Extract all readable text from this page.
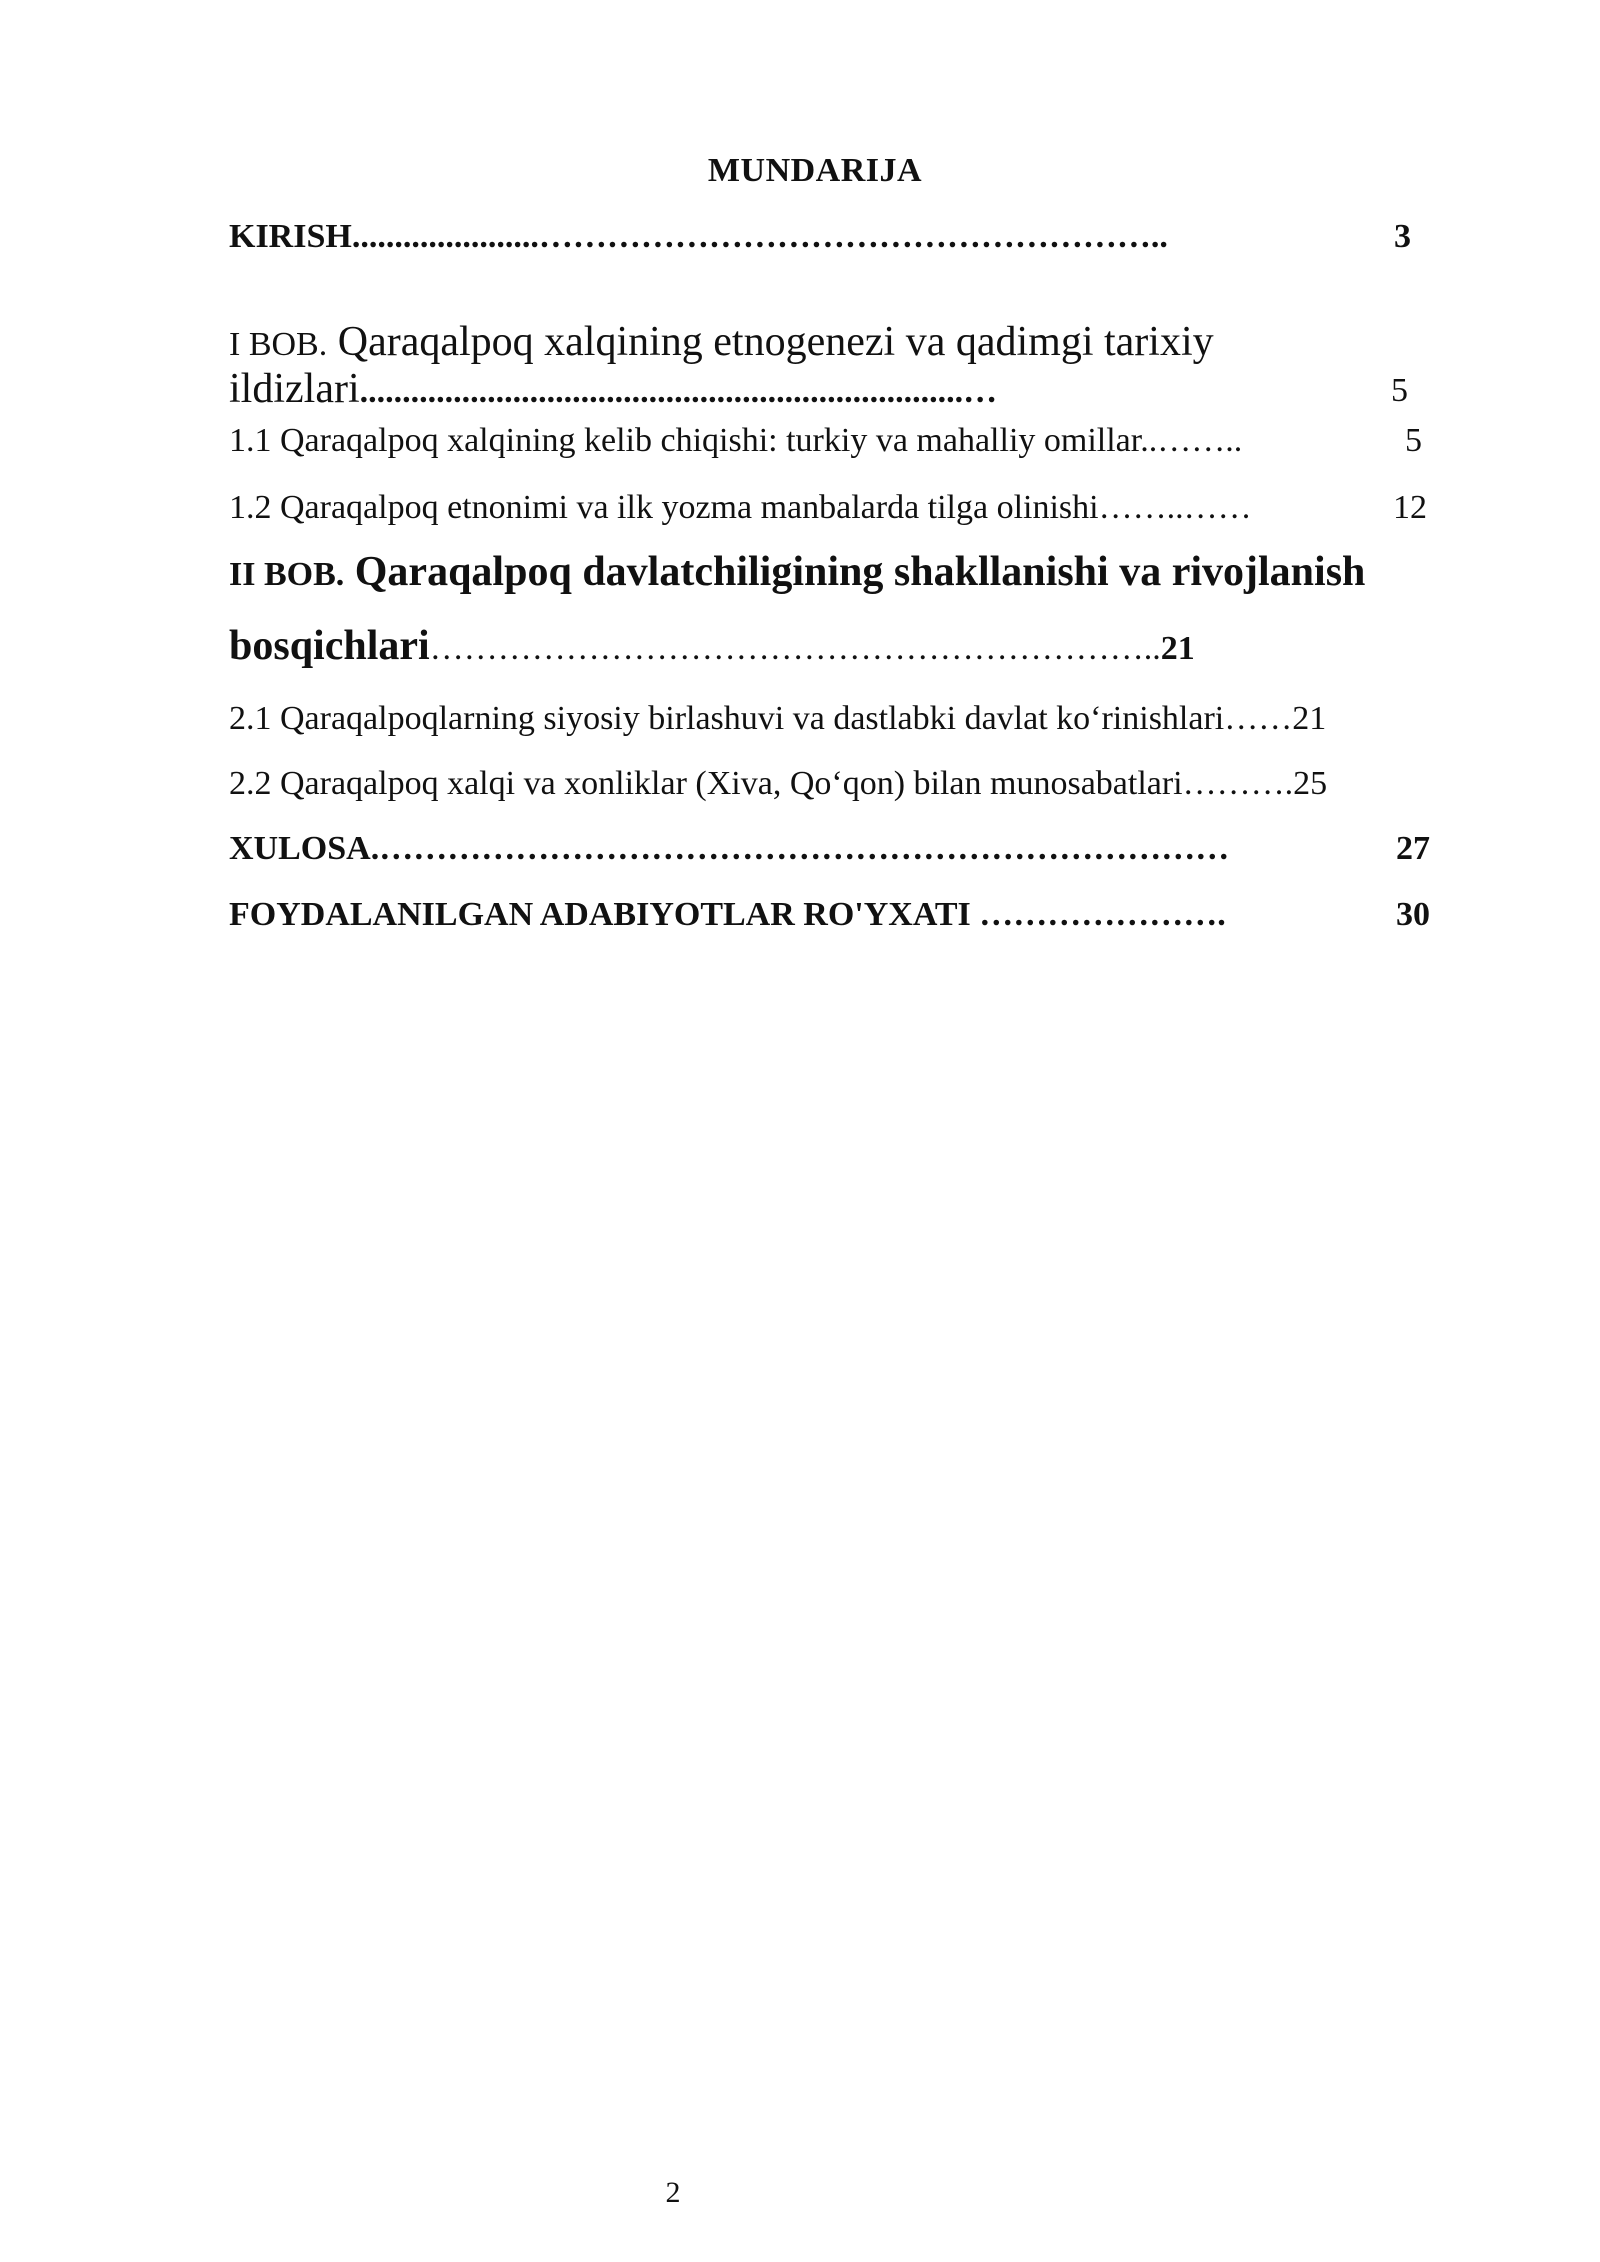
MUNDARIJA
KIRISH......................………………………………………………..	3
I BOB. Qaraqalpoq xalqining etnogenezi va qadimgi tarixiy
ildizlari.......................................................................…	5
1.1 Qaraqalpoq xalqining kelib chiqishi: turkiy va mahalliy omillar..……..	5
1.2 Qaraqalpoq etnonimi va ilk yozma manbalarda tilga olinishi……..……	12
II BOB. Qaraqalpoq davlatchiligining shakllanishi va rivojlanish
bosqichlari………………………………………………………..21
2.1 Qaraqalpoqlarning siyosiy birlashuvi va dastlabki davlat ko‘rinishlari……21
2.2 Qaraqalpoq xalqi va xonliklar (Xiva, Qo‘qon) bilan munosabatlari……….25
XULOSA.…………………………………………………………………	27
FOYDALANILGAN ADABIYOTLAR RO'YXATI ………………….	30
2
